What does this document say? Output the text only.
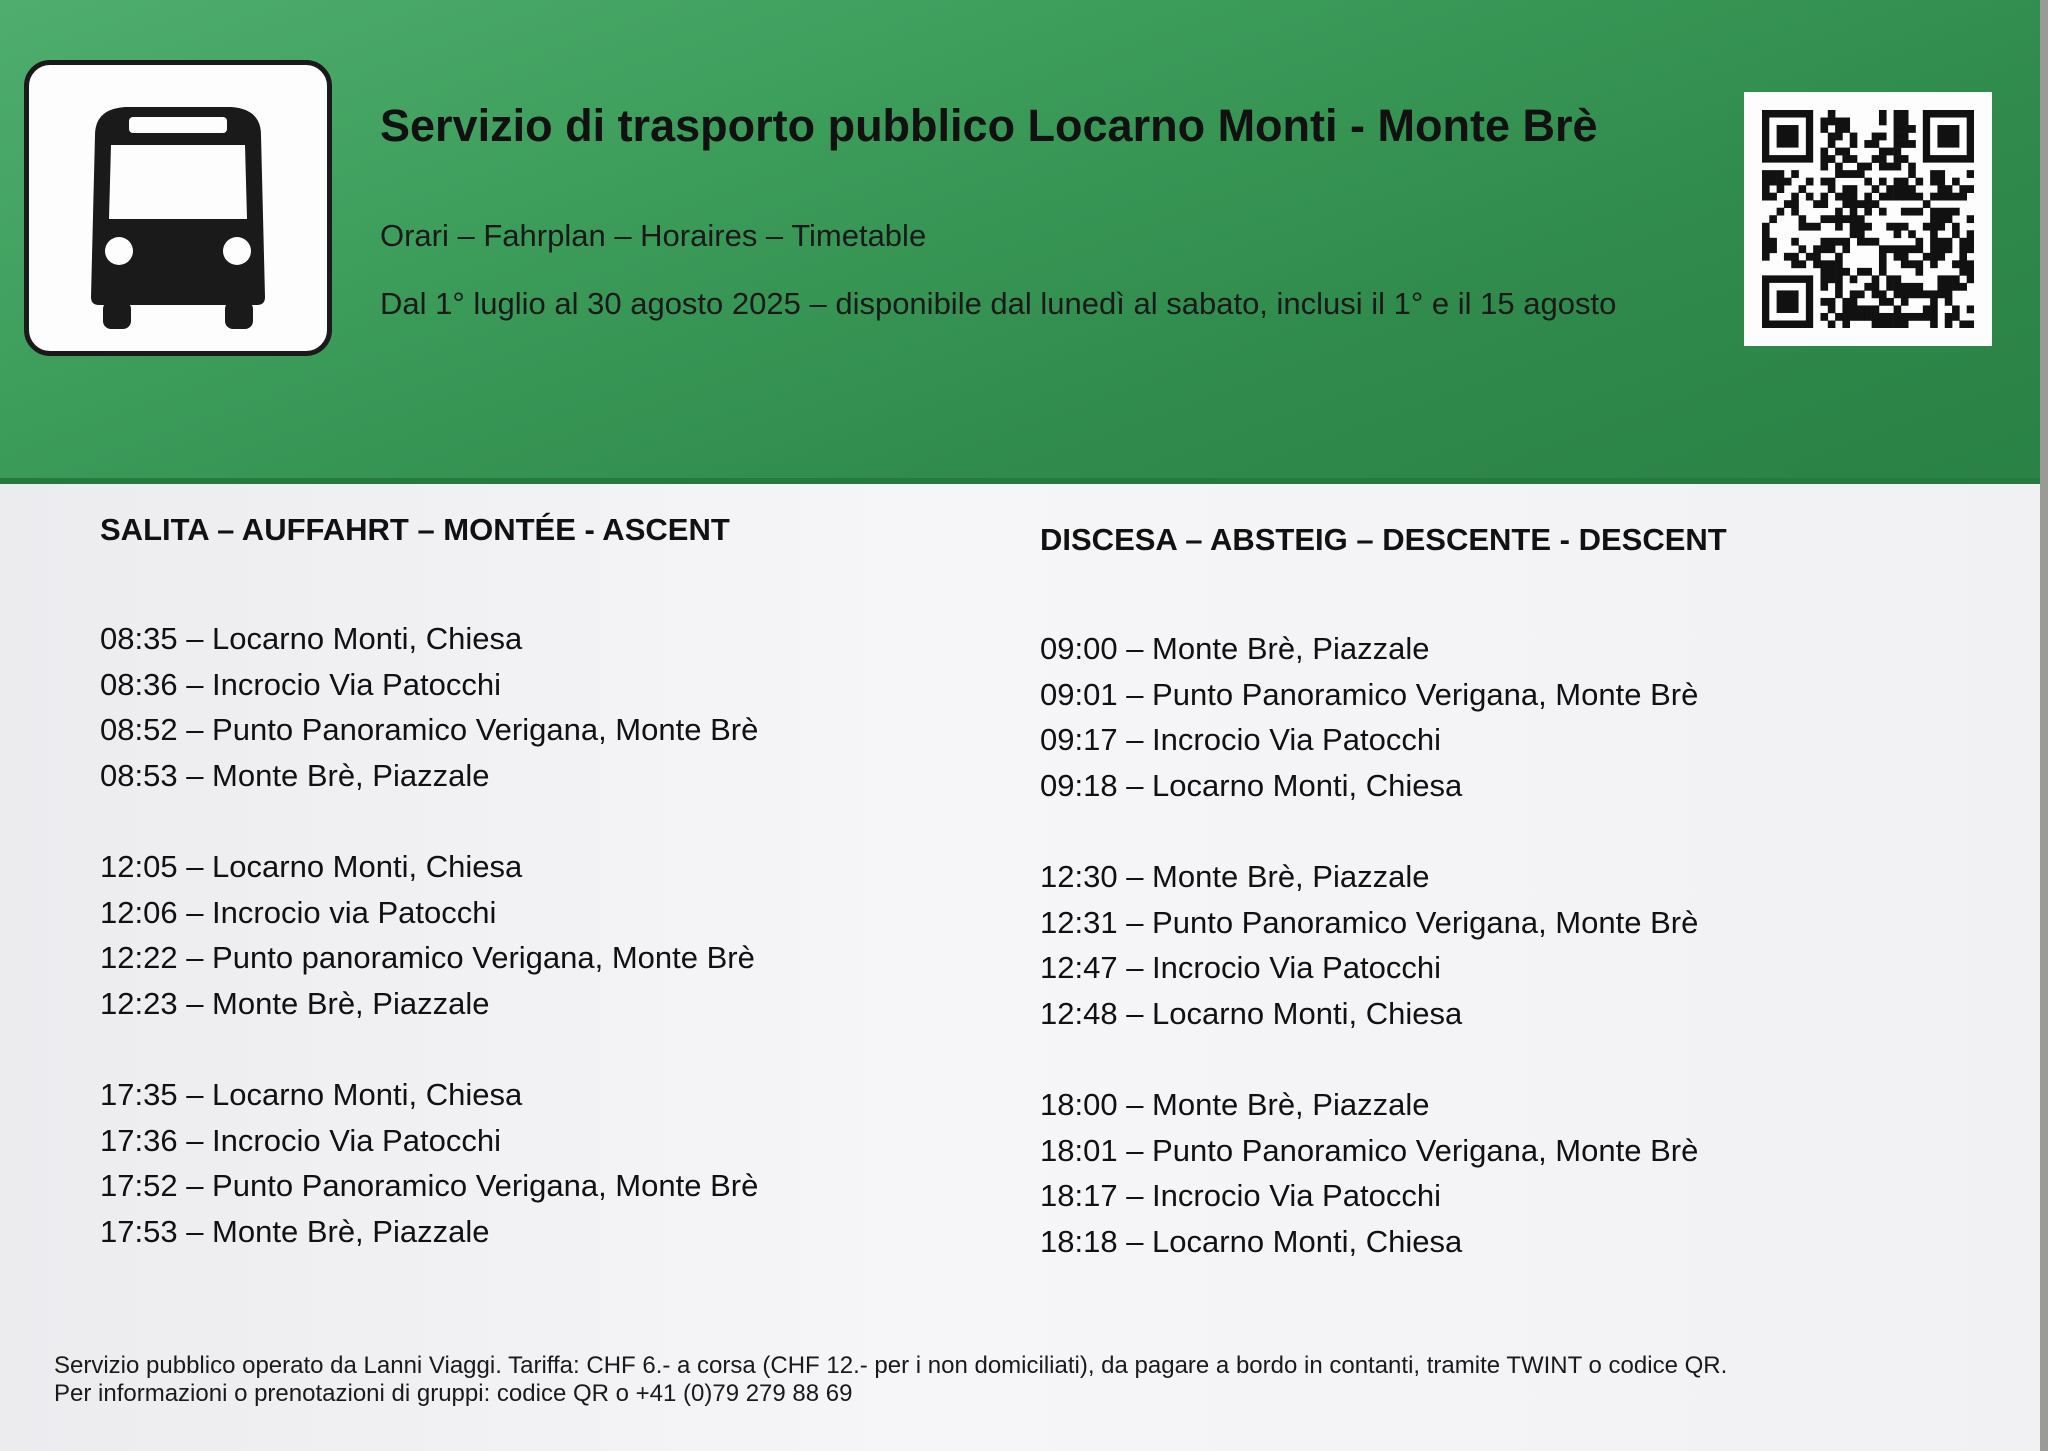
Servizio di trasporto pubblico Locarno Monti - Monte Brè
Orari – Fahrplan – Horaires – Timetable
Dal 1° luglio al 30 agosto 2025 – disponibile dal lunedì al sabato, inclusi il 1° e il 15 agosto
SALITA – AUFFAHRT – MONTÉE - ASCENT
08:35 – Locarno Monti, Chiesa
08:36 – Incrocio Via Patocchi
08:52 – Punto Panoramico Verigana, Monte Brè
08:53 – Monte Brè, Piazzale
12:05 – Locarno Monti, Chiesa
12:06 – Incrocio via Patocchi
12:22 – Punto panoramico Verigana, Monte Brè
12:23 – Monte Brè, Piazzale
17:35 – Locarno Monti, Chiesa
17:36 – Incrocio Via Patocchi
17:52 – Punto Panoramico Verigana, Monte Brè
17:53 – Monte Brè, Piazzale
DISCESA – ABSTEIG – DESCENTE - DESCENT
09:00 – Monte Brè, Piazzale
09:01 – Punto Panoramico Verigana, Monte Brè
09:17 – Incrocio Via Patocchi
09:18 – Locarno Monti, Chiesa
12:30 – Monte Brè, Piazzale
12:31 – Punto Panoramico Verigana, Monte Brè
12:47 – Incrocio Via Patocchi
12:48 – Locarno Monti, Chiesa
18:00 – Monte Brè, Piazzale
18:01 – Punto Panoramico Verigana, Monte Brè
18:17 – Incrocio Via Patocchi
18:18 – Locarno Monti, Chiesa
Servizio pubblico operato da Lanni Viaggi. Tariffa: CHF 6.- a corsa (CHF 12.- per i non domiciliati), da pagare a bordo in contanti, tramite TWINT o codice QR.
Per informazioni o prenotazioni di gruppi: codice QR o +41 (0)79 279 88 69
